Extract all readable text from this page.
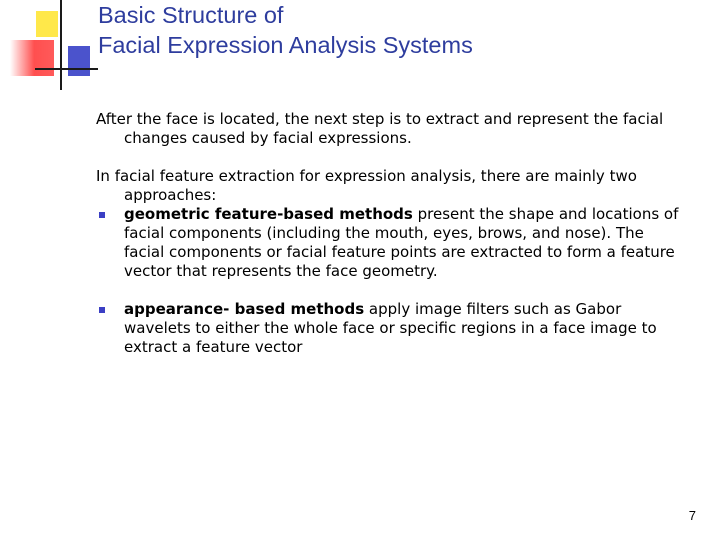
Basic Structure of
Facial Expression Analysis Systems

After the face is located, the next step is to extract and represent the facial changes caused by facial expressions.

In facial feature extraction for expression analysis, there are mainly two approaches:

geometric feature-based methods present the shape and locations of facial components (including the mouth, eyes, brows, and nose). The facial components or facial feature points are extracted to form a feature vector that represents the face geometry.
appearance- based methods apply image filters such as Gabor wavelets to either the whole face or specific regions in a face image to extract a feature vector
7
